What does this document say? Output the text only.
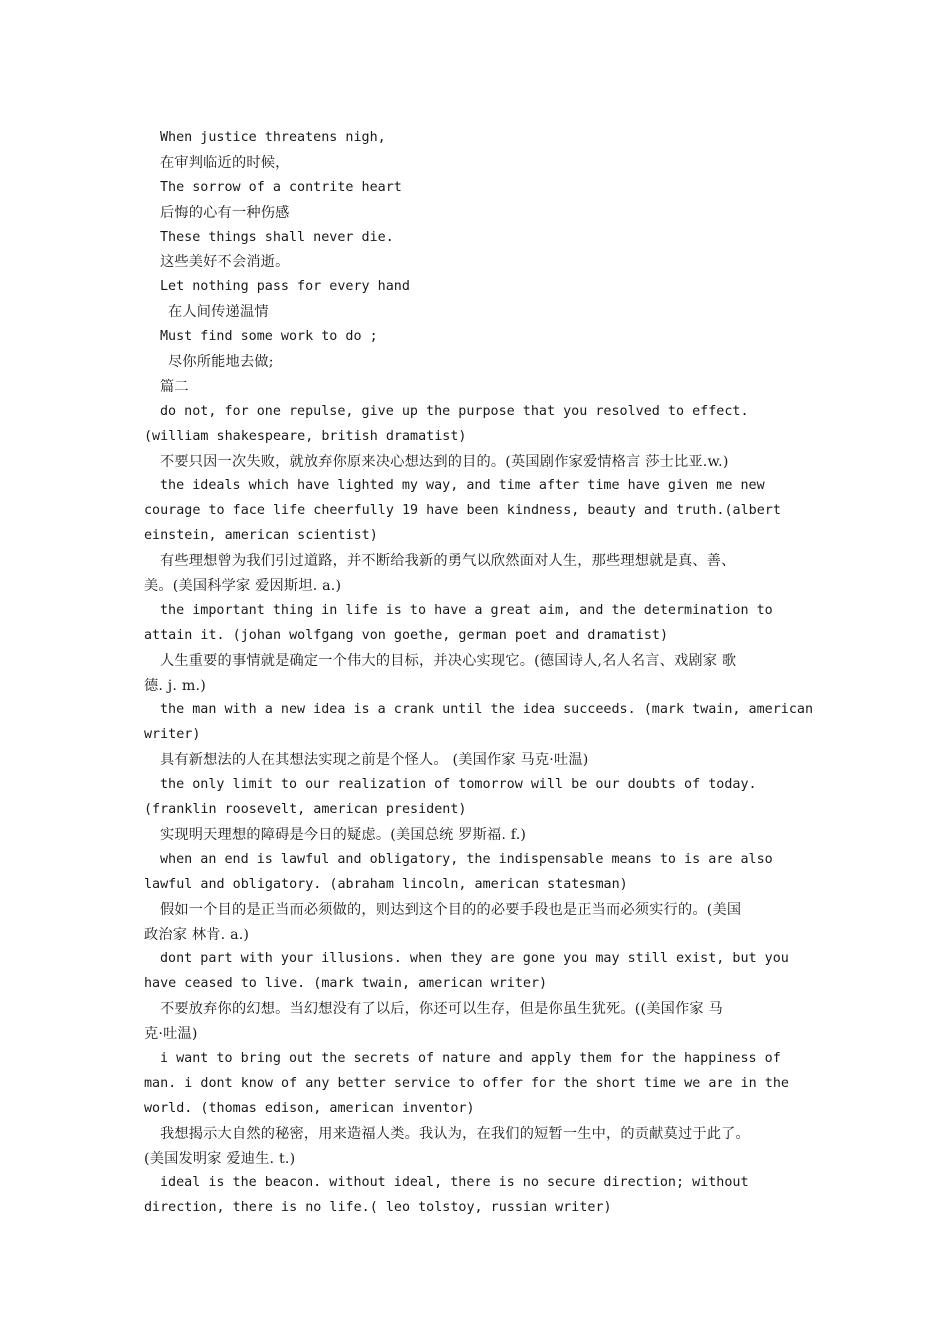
When justice threatens nigh,
在审判临近的时候，
The sorrow of a contrite heart
后悔的心有一种伤感
These things shall never die.
这些美好不会消逝。
Let nothing pass for every hand
在人间传递温情
Must find some work to do ;
尽你所能地去做;
篇二
do not, for one repulse, give up the purpose that you resolved to effect.
(william shakespeare, british dramatist)
不要只因一次失败，就放弃你原来决心想达到的目的。(英国剧作家爱情格言 莎士比亚.w.)
the ideals which have lighted my way, and time after time have given me new
courage to face life cheerfully 19 have been kindness, beauty and truth.(albert
einstein, american scientist)
有些理想曾为我们引过道路，并不断给我新的勇气以欣然面对人生，那些理想就是真、善、
美。(美国科学家 爱因斯坦. a.)
the important thing in life is to have a great aim, and the determination to
attain it. (johan wolfgang von goethe, german poet and dramatist)
人生重要的事情就是确定一个伟大的目标，并决心实现它。(德国诗人,名人名言、戏剧家 歌
德. j. m.)
the man with a new idea is a crank until the idea succeeds. (mark twain, american
writer)
具有新想法的人在其想法实现之前是个怪人。 (美国作家 马克·吐温)
the only limit to our realization of tomorrow will be our doubts of today.
(franklin roosevelt, american president)
实现明天理想的障碍是今日的疑虑。(美国总统 罗斯福. f.)
when an end is lawful and obligatory, the indispensable means to is are also
lawful and obligatory. (abraham lincoln, american statesman)
假如一个目的是正当而必须做的，则达到这个目的的必要手段也是正当而必须实行的。(美国
政治家 林肯. a.)
dont part with your illusions. when they are gone you may still exist, but you
have ceased to live. (mark twain, american writer)
不要放弃你的幻想。当幻想没有了以后，你还可以生存，但是你虽生犹死。((美国作家 马
克·吐温)
i want to bring out the secrets of nature and apply them for the happiness of
man. i dont know of any better service to offer for the short time we are in the
world. (thomas edison, american inventor)
我想揭示大自然的秘密，用来造福人类。我认为，在我们的短暂一生中，的贡献莫过于此了。
(美国发明家 爱迪生. t.)
ideal is the beacon. without ideal, there is no secure direction; without
direction, there is no life.( leo tolstoy, russian writer)
